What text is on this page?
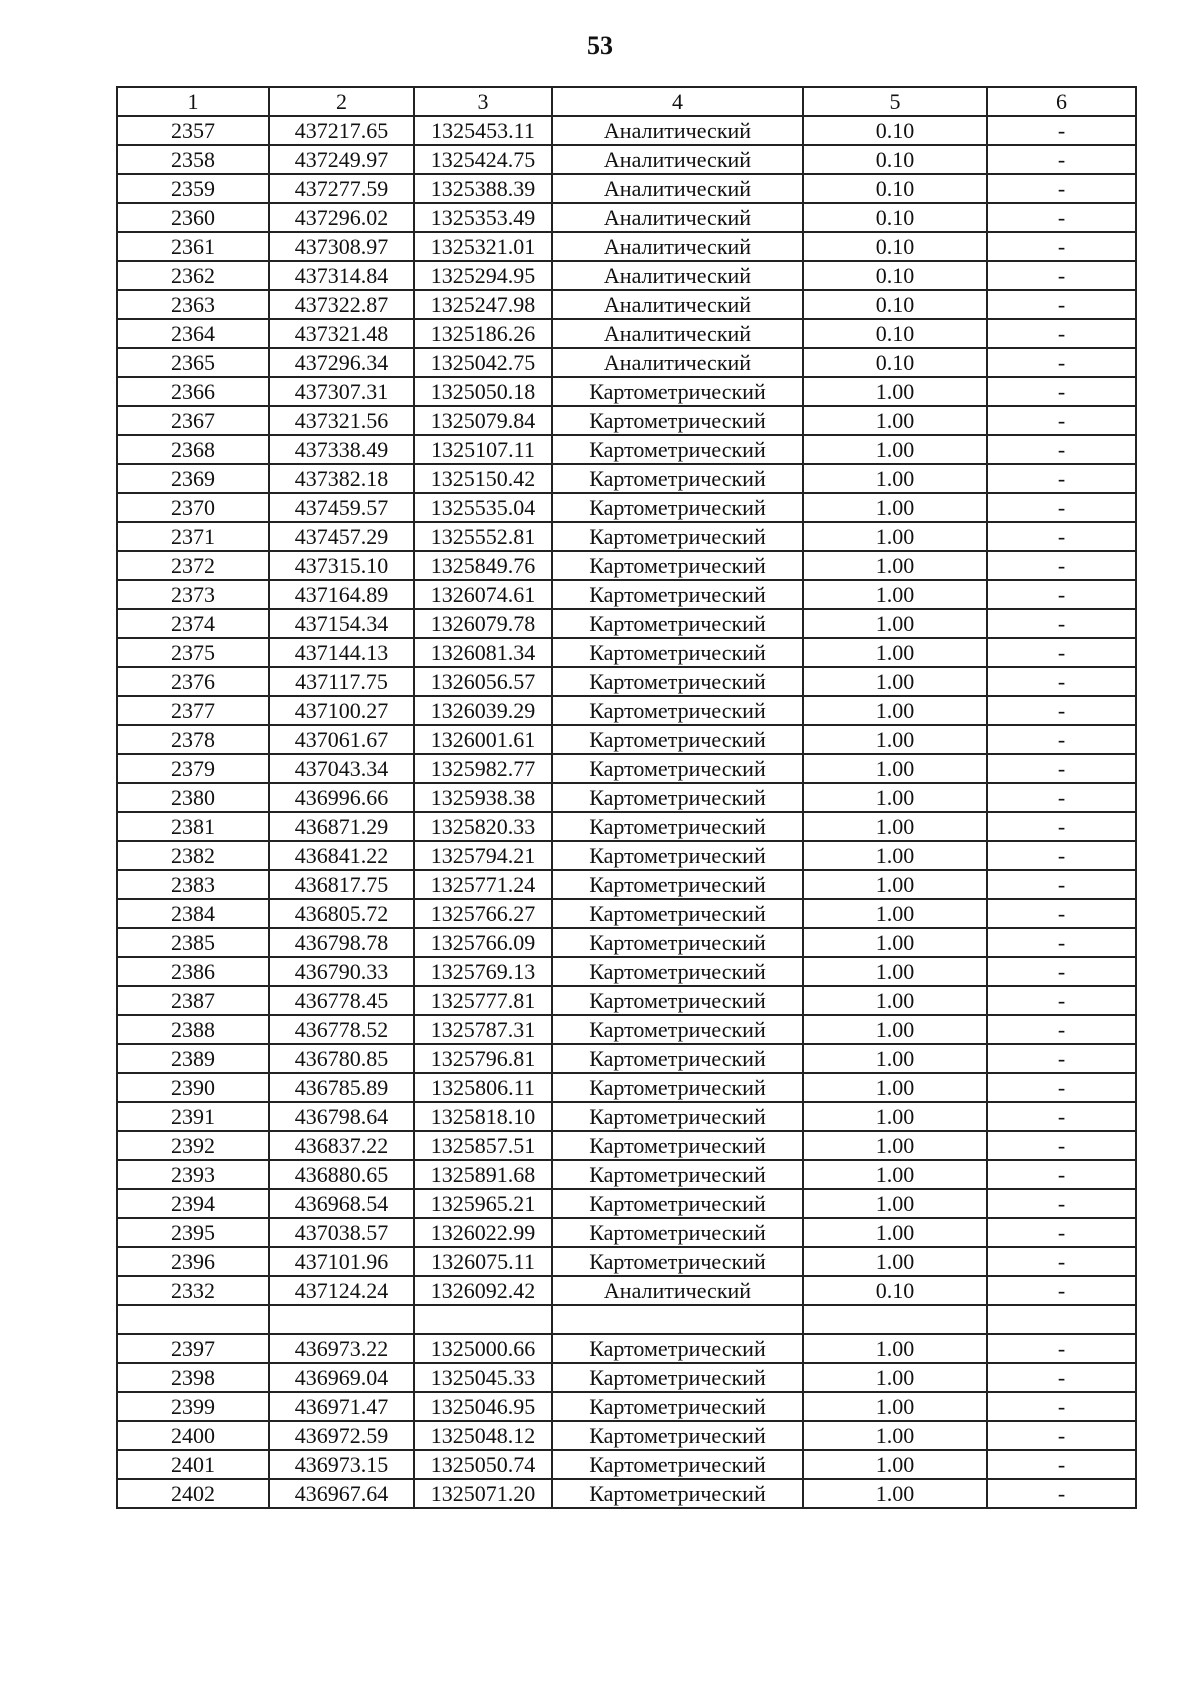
53
1	2	3	4	5	6
2357	437217.65	1325453.11	Аналитический	0.10	-
2358	437249.97	1325424.75	Аналитический	0.10	-
2359	437277.59	1325388.39	Аналитический	0.10	-
2360	437296.02	1325353.49	Аналитический	0.10	-
2361	437308.97	1325321.01	Аналитический	0.10	-
2362	437314.84	1325294.95	Аналитический	0.10	-
2363	437322.87	1325247.98	Аналитический	0.10	-
2364	437321.48	1325186.26	Аналитический	0.10	-
2365	437296.34	1325042.75	Аналитический	0.10	-
2366	437307.31	1325050.18	Картометрический	1.00	-
2367	437321.56	1325079.84	Картометрический	1.00	-
2368	437338.49	1325107.11	Картометрический	1.00	-
2369	437382.18	1325150.42	Картометрический	1.00	-
2370	437459.57	1325535.04	Картометрический	1.00	-
2371	437457.29	1325552.81	Картометрический	1.00	-
2372	437315.10	1325849.76	Картометрический	1.00	-
2373	437164.89	1326074.61	Картометрический	1.00	-
2374	437154.34	1326079.78	Картометрический	1.00	-
2375	437144.13	1326081.34	Картометрический	1.00	-
2376	437117.75	1326056.57	Картометрический	1.00	-
2377	437100.27	1326039.29	Картометрический	1.00	-
2378	437061.67	1326001.61	Картометрический	1.00	-
2379	437043.34	1325982.77	Картометрический	1.00	-
2380	436996.66	1325938.38	Картометрический	1.00	-
2381	436871.29	1325820.33	Картометрический	1.00	-
2382	436841.22	1325794.21	Картометрический	1.00	-
2383	436817.75	1325771.24	Картометрический	1.00	-
2384	436805.72	1325766.27	Картометрический	1.00	-
2385	436798.78	1325766.09	Картометрический	1.00	-
2386	436790.33	1325769.13	Картометрический	1.00	-
2387	436778.45	1325777.81	Картометрический	1.00	-
2388	436778.52	1325787.31	Картометрический	1.00	-
2389	436780.85	1325796.81	Картометрический	1.00	-
2390	436785.89	1325806.11	Картометрический	1.00	-
2391	436798.64	1325818.10	Картометрический	1.00	-
2392	436837.22	1325857.51	Картометрический	1.00	-
2393	436880.65	1325891.68	Картометрический	1.00	-
2394	436968.54	1325965.21	Картометрический	1.00	-
2395	437038.57	1326022.99	Картометрический	1.00	-
2396	437101.96	1326075.11	Картометрический	1.00	-
2332	437124.24	1326092.42	Аналитический	0.10	-

2397	436973.22	1325000.66	Картометрический	1.00	-
2398	436969.04	1325045.33	Картометрический	1.00	-
2399	436971.47	1325046.95	Картометрический	1.00	-
2400	436972.59	1325048.12	Картометрический	1.00	-
2401	436973.15	1325050.74	Картометрический	1.00	-
2402	436967.64	1325071.20	Картометрический	1.00	-
